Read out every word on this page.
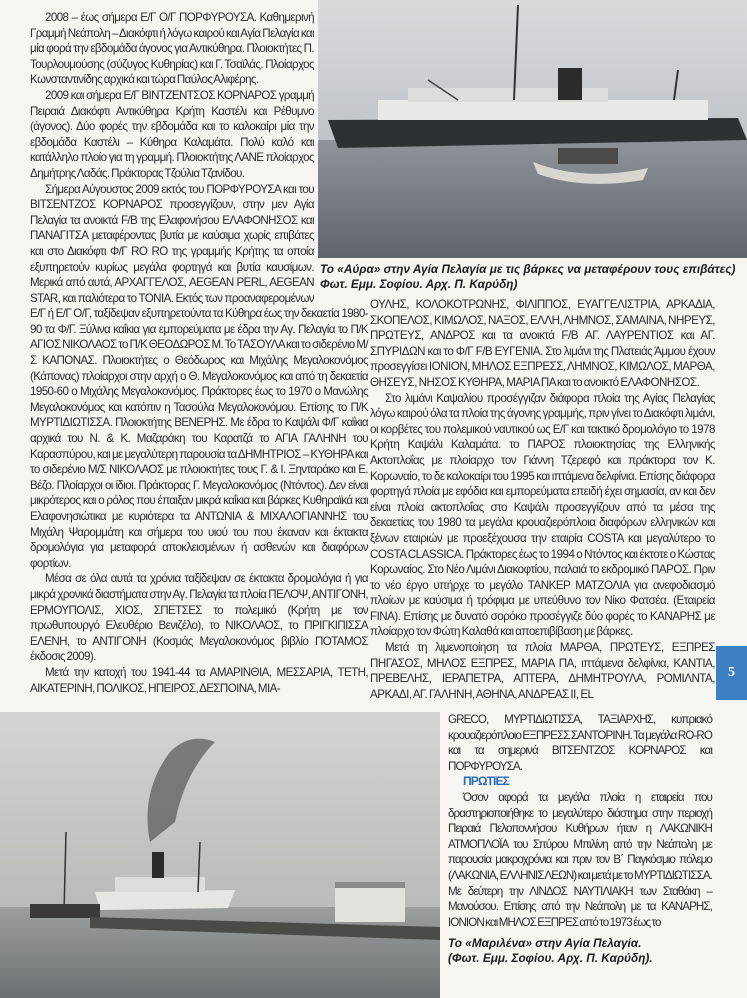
Το «Αύρα» στην Αγία Πελαγία με τις βάρκες να μεταφέρουν τους επιβάτες)
Φωτ. Εμμ. Σοφίου. Αρχ. Π. Καρύδη)

2008 – έως σήμερα Ε/Γ Ο/Γ ΠΟΡΦΥΡΟΥΣΑ. Καθημερινή Γραμμή Νεάπολη – Διακόφτι ή λόγω καιρού και Αγία Πελαγία και μία φορά την εβδομάδα άγονος για Αντικύθηρα. Πλοιοκτήτες Π. Τουρλουμούσης (σύζυγος Κυθηρίας) και Γ. Τσαϊλάς. Πλοίαρχος Κωνσταντινίδης αρχικά και τώρα Παύλος Αλιφέρης.

2009 και σήμερα Ε/Γ ΒΙΝΤΖΕΝΤΣΟΣ ΚΟΡΝΑΡΟΣ γραμμή Πειραιά Διακόφτι Αντικύθηρα Κρήτη Καστέλι και Ρέθυμνο (άγονος). Δύο φορές την εβδομάδα και το καλοκαίρι μία την εβδομάδα Καστέλι – Κύθηρα Καλαμάτα. Πολύ καλό και κατάλληλο πλοίο για τη γραμμή. Πλοιοκτήτης ΛΑΝΕ πλοίαρχος Δημήτρης Λαδάς. Πράκτορας Τζούλια Τζανίδου.

Σήμερα Αύγουστος 2009 εκτός του ΠΟΡΦΥΡΟΥΣΑ και του ΒΙΤΣΕΝΤΖΟΣ ΚΟΡΝΑΡΟΣ προσεγγίζουν, στην μεν Αγία Πελαγία τα ανοικτά F/B της Ελαφονήσου ΕΛΑΦΟΝΗΣΟΣ και ΠΑΝΑΓΙΤΣΑ μεταφέροντας βυτία με καύσιμα χωρίς επιβάτες και στο Διακόφτι Φ/Γ RO RO της γραμμής Κρήτης τα οποία εξυπηρετούν κυρίως μεγάλα φορτηγά και βυτία καυσίμων. Μερικά από αυτά, ΑΡΧΑΓΓΕΛΟΣ, AEGEAN PERL, AEGEAN STAR, και παλιότερα το ΤΟΝΙΑ. Εκτός των προαναφερομένων Ε/Γ ή Ε/Γ Ο/Γ, ταξίδεψαν εξυπηρετούντα τα Κύθηρα έως την δεκαετία 1980-90 τα Φ/Γ. Ξύλινα καΐκια για εμπορεύματα με έδρα την Αγ. Πελαγία το Π/Κ ΑΓΙΟΣ ΝΙΚΟΛΑΟΣ το Π/Κ ΘΕΟΔΩΡΟΣ Μ. Το ΤΑΣΟΥΛΑ και το σιδερένιο Μ/Σ ΚΑΠΟΝΑΣ. Πλοιοκτήτες ο Θεόδωρος και Μιχάλης Μεγαλοκονόμος (Κάπονας) πλοίαρχοι στην αρχή ο Θ. Μεγαλοκονόμος και από τη δεκαετία 1950-60 ο Μιχάλης Μεγαλοκονόμος. Πράκτορες έως το 1970 ο Μανώλης Μεγαλοκονόμος και κατόπιν η Τασούλα Μεγαλοκονόμου. Επίσης το Π/Κ ΜΥΡΤΙΔΙΩΤΙΣΣΑ. Πλοιοκτήτης ΒΕΝΕΡΗΣ. Με έδρα το Καψάλι Φ/Γ καΐκια αρχικά του Ν. & Κ. Μαζαράκη του Καρατζά το ΑΓΙΑ ΓΑΛΗΝΗ του Καρασπύρου, και με μεγαλύτερη παρουσία τα ΔΗΜΗΤΡΙΟΣ – ΚΥΘΗΡΑ και το σιδερένιο Μ/Σ ΝΙΚΟΛΑΟΣ με πλοιοκτήτες τους Γ. & Ι. Ξηνταράκο και Ε. Βέζο. Πλοίαρχοι οι ίδιοι. Πράκτορας Γ. Μεγαλοκονόμος (Ντόντος). Δεν είναι μικρότερος και ο ρόλος που έπαιξαν μικρά καΐκια και βάρκες Κυθηραϊκά και Ελαφονησιώτικα με κυριότερα τα ΑΝΤΩΝΙΑ & ΜΙΧΑΛΟΓΙΑΝΝΗΣ του Μιχάλη Ψαρομμάτη και σήμερα του υιού του που έκαναν και έκτακτα δρομολόγια για μεταφορά αποκλεισμένων ή ασθενών και διαφόρων φορτίων.

Μέσα σε όλα αυτά τα χρόνια ταξίδεψαν σε έκτακτα δρομολόγια ή για μικρά χρονικά διαστήματα στην Αγ. Πελαγία τα πλοία ΠΕΛΟΨ, ΑΝΤΙΓΟΝΗ, ΕΡΜΟΥΠΟΛΙΣ, ΧΙΟΣ, ΣΠΕΤΣΕΣ το πολεμικό (Κρήτη με τον πρωθυπουργό Ελευθέριο Βενιζέλο), το ΝΙΚΟΛΑΟΣ, το ΠΡΙΓΚΙΠΙΣΣΑ ΕΛΕΝΗ, το ΑΝΤΙΓΟΝΗ (Κοσμάς Μεγαλοκονόμος βιβλίο ΠΟΤΑΜΟΣ έκδοσις 2009).

Μετά την κατοχή του 1941-44 τα ΑΜΑΡΙΝΘΙΑ, ΜΕΣΣΑΡΙΑ, ΤΕΤΗ, ΑΙΚΑΤΕΡΙΝΗ, ΠΟΛΙΚΟΣ, ΗΠΕΙΡΟΣ, ΔΕΣΠΟΙΝΑ, ΜΙΑ-

ΟΥΛΗΣ, ΚΟΛΟΚΟΤΡΩΝΗΣ, ΦΙΛΙΠΠΟΣ, ΕΥΑΓΓΕΛΙΣΤΡΙΑ, ΑΡΚΑΔΙΑ, ΣΚΟΠΕΛΟΣ, ΚΙΜΩΛΟΣ, ΝΑΞΟΣ, ΕΛΛΗ, ΛΗΜΝΟΣ, ΣΑΜΑΙΝΑ, ΝΗΡΕΥΣ, ΠΡΩΤΕΥΣ, ΑΝΔΡΟΣ και τα ανοικτά F/B ΑΓ. ΛΑΥΡΕΝΤΙΟΣ και ΑΓ. ΣΠΥΡΙΔΩΝ και το Φ/Γ F/B ΕΥΓΕΝΙΑ. Στο λιμάνι της Πλατειάς Άμμου έχουν προσεγγίσει ΙΟΝΙΟΝ, ΜΗΛΟΣ ΕΞΠΡΕΣΣ, ΛΗΜΝΟΣ, ΚΙΜΩΛΟΣ, ΜΑΡΘΑ, ΘΗΣΕΥΣ, ΝΗΣΟΣ ΚΥΘΗΡΑ, ΜΑΡΙΑ ΠΑ και το ανοικτό ΕΛΑΦΟΝΗΣΟΣ.

Στο λιμάνι Καψαλίου προσέγγιζαν διάφορα πλοία της Αγίας Πελαγίας λόγω καιρού όλα τα πλοία της άγονης γραμμής, πριν γίνει το Διακόφτι λιμάνι, οι κορβέτες του πολεμικού ναυτικού ως Ε/Γ και τακτικό δρομολόγιο το 1978 Κρήτη Καψάλι Καλαμάτα. το ΠΑΡΟΣ πλοιοκτησίας της Ελληνικής Ακτοπλοΐας με πλοίαρχο τον Γιάννη Τζερεφό και πράκτορα τον Κ. Κορωναίο, το δε καλοκαίρι του 1995 και ιπτάμενα δελφίνια. Επίσης διάφορα φορτηγά πλοία με εφόδια και εμπορεύματα επειδή έχει σημασία, αν και δεν είναι πλοία ακτοπλοΐας στο Καψάλι προσεγγίζουν από τα μέσα της δεκαετίας του 1980 τα μεγάλα κρουαζιερόπλοια διαφόρων ελληνικών και ξένων εταιριών με προεξέχουσα την εταιρία COSTA και μεγαλύτερο το COSTA CLASSICA. Πράκτορες έως το 1994 ο Ντόντος και έκτοτε ο Κώστας Κορωναίος. Στο Νέο Λιμάνι Διακοφτίου, παλαιά το εκδρομικό ΠΑΡΟΣ. Πριν το νέο έργο υπήρχε το μεγάλο ΤΑΝΚΕΡ ΜΑΤΖΟΛΙΑ για ανεφοδιασμό πλοίων με καύσιμα ή τρόφιμα με υπεύθυνο τον Νίκο Φατσέα. (Εταιρεία FINA). Επίσης με δυνατό σορόκο προσέγγιζε δύο φορές το ΚΑΝΑΡΗΣ με πλοίαρχο τον Φώτη Καλαθά και αποεπιβίβαση με βάρκες.

Μετά τη λιμενοποίηση τα πλοία ΜΑΡΘΑ, ΠΡΩΤΕΥΣ, ΕΞΠΡΕΣ ΠΗΓΑΣΟΣ, ΜΗΛΟΣ ΕΞΠΡΕΣ, ΜΑΡΙΑ ΠΑ, ιπτάμενα δελφίνια, ΚΑΝΤΙΑ, ΠΡΕΒΕΛΗΣ, ΙΕΡΑΠΕΤΡΑ, ΑΠΤΕΡΑ, ΔΗΜΗΤΡΟΥΛΑ, ΡΟΜΙΛΝΤΑ, ΑΡΚΑΔΙ, ΑΓ. ΓΑΛΗΝΗ, ΑΘΗΝΑ, ΑΝΔΡΕΑΣ ΙΙ, EL

GRECO, ΜΥΡΤΙΔΙΩΤΙΣΣΑ, ΤΑΞΙΑΡΧΗΣ, κυπριακό κρουαζιερόπλοιο ΕΞΠΡΕΣΣ ΣΑΝΤΟΡΙΝΗ. Τα μεγάλα RO-RO και τα σημερινά ΒΙΤΣΕΝΤΖΟΣ ΚΟΡΝΑΡΟΣ και ΠΟΡΦΥΡΟΥΣΑ.

ΠΡΩΤΙΕΣ

Όσον αφορά τα μεγάλα πλοία η εταιρεία που δραστηριοποιήθηκε το μεγαλύτερο διάστημα στην περιοχή Πειραιά Πελοποννήσου Κυθήρων ήταν η ΛΑΚΩΝΙΚΗ ΑΤΜΟΠΛΟΪΑ του Σπύρου Μπιλίνη από την Νεάπολη με παρουσία μακροχρόνια και πριν τον Β΄ Παγκόσμιο πόλεμο (ΛΑΚΩΝΙΑ, ΕΛΛΗΝΙΣ ΛΕΩΝ) και μετά με το ΜΥΡΤΙΔΙΩΤΙΣΣΑ. Με δεύτερη την ΛΙΝΔΟΣ ΝΑΥΤΙΛΙΑΚΗ των Σταθάκη – Μανούσου. Επίσης από την Νεάπολη με τα ΚΑΝΑΡΗΣ, ΙΟΝΙΟΝ και ΜΗΛΟΣ ΕΞΠΡΕΣ από το 1973 έως το

Το «Μαριλένα» στην Αγία Πελαγία.
(Φωτ. Εμμ. Σοφίου. Αρχ. Π. Καρύδη).
5
